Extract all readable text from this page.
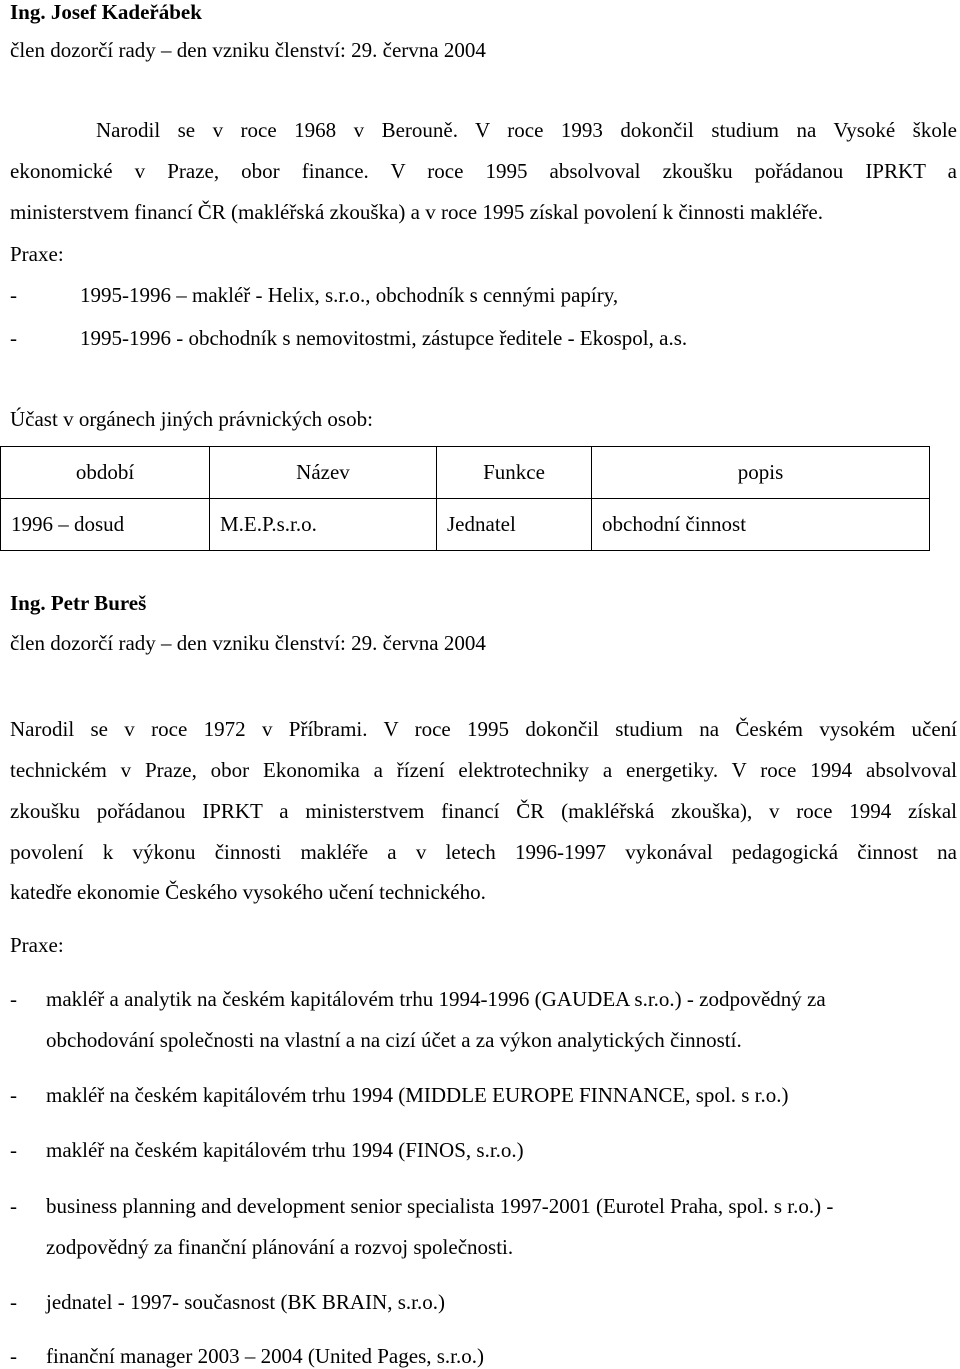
Ing. Josef Kadeřábek
člen dozorčí rady – den vzniku členství: 29. června 2004
Narodil se v roce 1968 v Berouně. V roce 1993 dokončil studium na Vysoké škole
ekonomické v Praze, obor finance. V roce 1995 absolvoval zkoušku pořádanou IPRKT a
ministerstvem financí ČR (makléřská zkouška) a v roce 1995 získal povolení k činnosti makléře.
Praxe:
-	1995-1996 – makléř - Helix, s.r.o., obchodník s cennými papíry,
-	1995-1996 - obchodník s nemovitostmi, zástupce ředitele - Ekospol, a.s.
Účast v orgánech jiných právnických osob:
období	Název	Funkce	popis
1996 – dosud	M.E.P.s.r.o.	Jednatel	obchodní činnost
Ing. Petr Bureš
člen dozorčí rady – den vzniku členství: 29. června 2004
Narodil se v roce 1972 v Příbrami. V roce 1995 dokončil studium na Českém vysokém učení
technickém v Praze, obor Ekonomika a řízení elektrotechniky a energetiky. V roce 1994 absolvoval
zkoušku pořádanou IPRKT a ministerstvem financí ČR (makléřská zkouška), v roce 1994 získal
povolení k výkonu činnosti makléře a v letech 1996-1997 vykonával pedagogická činnost na
katedře ekonomie Českého vysokého učení technického.
Praxe:
- makléř a analytik na českém kapitálovém trhu 1994-1996 (GAUDEA s.r.o.) - zodpovědný za
obchodování společnosti na vlastní a na cizí účet a za výkon analytických činností.
- makléř na českém kapitálovém trhu 1994 (MIDDLE EUROPE FINNANCE, spol. s r.o.)
- makléř na českém kapitálovém trhu 1994 (FINOS, s.r.o.)
- business planning and development senior specialista 1997-2001 (Eurotel Praha, spol. s r.o.) -
zodpovědný za finanční plánování a rozvoj společnosti.
- jednatel - 1997- současnost (BK BRAIN, s.r.o.)
- finanční manager 2003 – 2004 (United Pages, s.r.o.)
